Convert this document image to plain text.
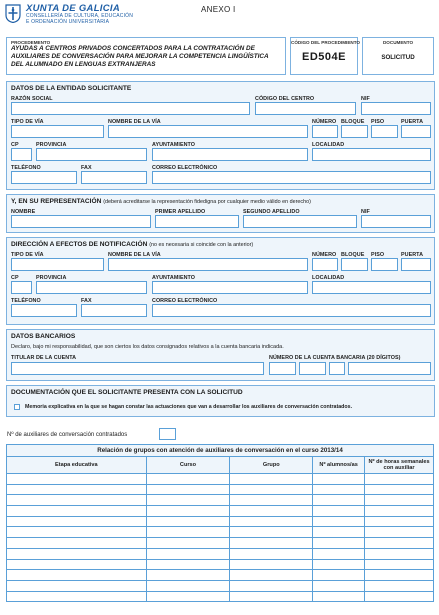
XUNTA DE GALICIA
CONSELLERÍA DE CULTURA, EDUCACIÓN
E ORDENACIÓN UNIVERSITARIA
ANEXO I
PROCEDEMENTO
AYUDAS A CENTROS PRIVADOS CONCERTADOS PARA LA CONTRATACIÓN DE AUXILIARES DE CONVERSACIÓN PARA MEJORAR LA COMPETENCIA LINGÜÍSTICA DEL ALUMNADO EN LENGUAS EXTRANJERAS
CÓDIGO DEL PROCEDIMIENTO
ED504E
DOCUMENTO
SOLICITUD
DATOS DE LA ENTIDAD SOLICITANTE
RAZÓN SOCIAL	CÓDIGO DEL CENTRO	NIF
TIPO DE VÍA	NOMBRE DE LA VÍA	NÚMERO BLOQUE PISO	PUERTA
CP	PROVINCIA	AYUNTAMIENTO	LOCALIDAD
TELÉFONO	FAX	CORREO ELECTRÓNICO
Y, EN SU REPRESENTACIÓN (deberá acreditarse la representación fidedigna por cualquier medio válido en derecho)
NOMBRE	PRIMER APELLIDO	SEGUNDO APELLIDO	NIF
DIRECCIÓN A EFECTOS DE NOTIFICACIÓN (no es necesaria si coincide con la anterior)
TIPO DE VÍA	NOMBRE DE LA VÍA	NÚMERO BLOQUE PISO	PUERTA
CP	PROVINCIA	AYUNTAMIENTO	LOCALIDAD
TELÉFONO	FAX	CORREO ELECTRÓNICO
DATOS BANCARIOS
Declaro, bajo mi responsabilidad, que son ciertos los datos consignados relativos a la cuenta bancaria indicada.
TITULAR DE LA CUENTA	NÚMERO DE LA CUENTA BANCARIA (20 DÍGITOS)
DOCUMENTACIÓN QUE EL SOLICITANTE PRESENTA CON LA SOLICITUD
Memoria explicativa en la que se hagan constar las actuaciones que van a desarrollar los auxiliares de conversación contratados.
Nº de auxiliares de conversación contratados
Relación de grupos con atención de auxiliares de conversación en el curso 2013/14				
Etapa educativa	Curso	Grupo	Nº alumnos/as	Nº de horas semanales con auxiliar
